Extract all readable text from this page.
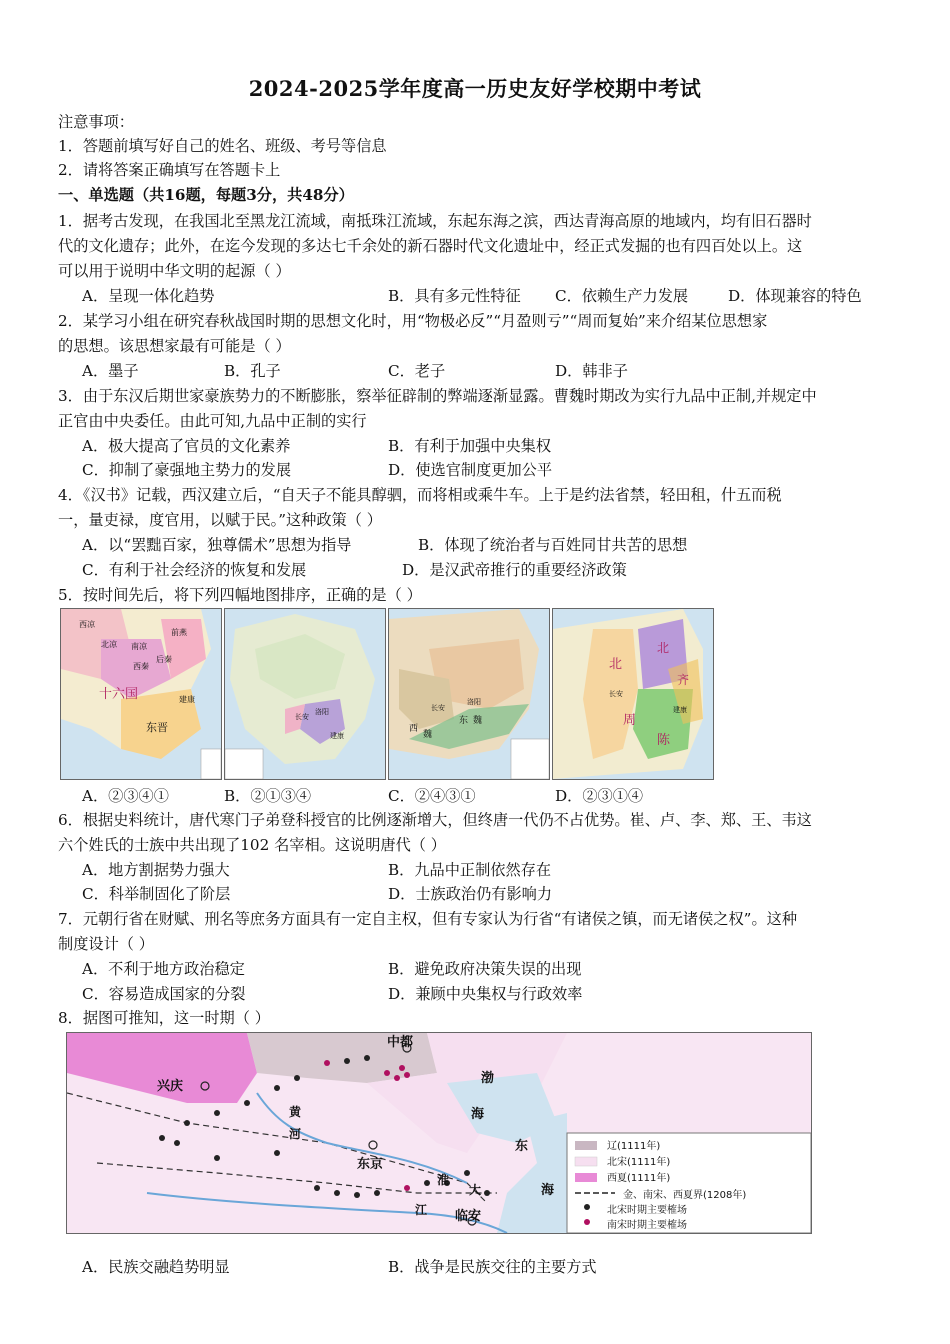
2024-2025学年度高一历史友好学校期中考试
注意事项：
1．答题前填写好自己的姓名、班级、考号等信息
2．请将答案正确填写在答题卡上
一、单选题（共16题，每题3分，共48分）
1．据考古发现，在我国北至黑龙江流域，南抵珠江流域，东起东海之滨，西达青海高原的地域内，均有旧石器时
代的文化遗存；此外，在迄今发现的多达七千余处的新石器时代文化遗址中，经正式发掘的也有四百处以上。这
可以用于说明中华文明的起源（ ）
A．呈现一体化趋势	B．具有多元性特征 C．依赖生产力发展	D．体现兼容的特色
2．某学习小组在研究春秋战国时期的思想文化时，用“物极必反”“月盈则亏”“周而复始”来介绍某位思想家
的思想。该思想家最有可能是（ ）
A．墨子	B．孔子	C．老子	D．韩非子
3．由于东汉后期世家豪族势力的不断膨胀，察举征辟制的弊端逐渐显露。曹魏时期改为实行九品中正制,并规定中
正官由中央委任。由此可知,九品中正制的实行
A．极大提高了官员的文化素养	B．有利于加强中央集权
C．抑制了豪强地主势力的发展	D．使选官制度更加公平
4．《汉书》记载，西汉建立后，“自天子不能具醇驷，而将相或乘牛车。上于是约法省禁，轻田租，什五而税
一，量吏禄，度官用，以赋于民。”这种政策（ ）
A．以“罢黜百家，独尊儒术”思想为指导	B．体现了统治者与百姓同甘共苦的思想
C．有利于社会经济的恢复和发展	D．是汉武帝推行的重要经济政策
5．按时间先后，将下列四幅地图排序，正确的是（ ）
西凉
北凉 南凉
西秦
后秦
前燕
十六国
东晋
建康
长安
洛阳
建康
西
魏
东 魏
长安
洛阳
北
北
齐
周
陈
长安
建康
A．②③④①	B．②①③④	C．②④③①	D．②③①④
6．根据史料统计，唐代寒门子弟登科授官的比例逐渐增大，但终唐一代仍不占优势。崔、卢、李、郑、王、韦这
六个姓氏的士族中共出现了102 名宰相。这说明唐代（ ）
A．地方割据势力强大	B．九品中正制依然存在
C．科举制固化了阶层	D．士族政治仍有影响力
7．元朝行省在财赋、刑名等庶务方面具有一定自主权，但有专家认为行省“有诸侯之镇，而无诸侯之权”。这种
制度设计（ ）
A．不利于地方政治稳定	B．避免政府决策失误的出现
C．容易造成国家的分裂	D．兼顾中央集权与行政效率
8．据图可推知，这一时期（ ）
中都
兴庆
东京
临安
渤
海
黄
河
东
海
淮
大
江
辽(1111年)
北宋(1111年)
西夏(1111年)
金、南宋、西夏界(1208年)
北宋时期主要榷场
南宋时期主要榷场
A．民族交融趋势明显	B．战争是民族交往的主要方式
